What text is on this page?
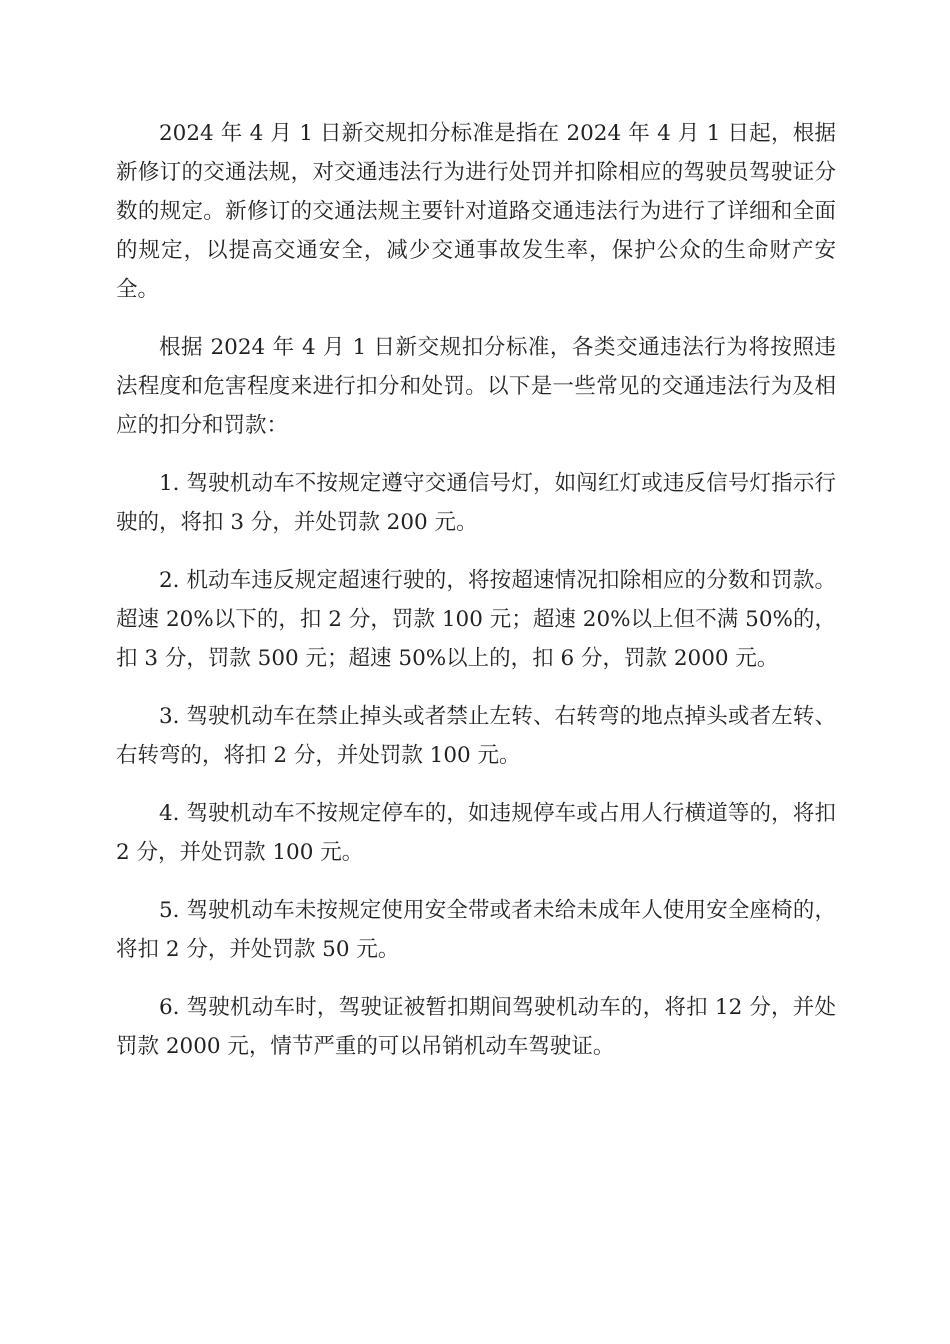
2024 年 4 月 1 日新交规扣分标准是指在 2024 年 4 月 1 日起，根据新修订的交通法规，对交通违法行为进行处罚并扣除相应的驾驶员驾驶证分数的规定。新修订的交通法规主要针对道路交通违法行为进行了详细和全面的规定，以提高交通安全，减少交通事故发生率，保护公众的生命财产安全。

根据 2024 年 4 月 1 日新交规扣分标准，各类交通违法行为将按照违法程度和危害程度来进行扣分和处罚。以下是一些常见的交通违法行为及相应的扣分和罚款：

1. 驾驶机动车不按规定遵守交通信号灯，如闯红灯或违反信号灯指示行驶的，将扣 3 分，并处罚款 200 元。

2. 机动车违反规定超速行驶的，将按超速情况扣除相应的分数和罚款。超速 20%以下的，扣 2 分，罚款 100 元；超速 20%以上但不满 50%的，扣 3 分，罚款 500 元；超速 50%以上的，扣 6 分，罚款 2000 元。

3. 驾驶机动车在禁止掉头或者禁止左转、右转弯的地点掉头或者左转、右转弯的，将扣 2 分，并处罚款 100 元。

4. 驾驶机动车不按规定停车的，如违规停车或占用人行横道等的，将扣 2 分，并处罚款 100 元。

5. 驾驶机动车未按规定使用安全带或者未给未成年人使用安全座椅的，将扣 2 分，并处罚款 50 元。

6. 驾驶机动车时，驾驶证被暂扣期间驾驶机动车的，将扣 12 分，并处罚款 2000 元，情节严重的可以吊销机动车驾驶证。
